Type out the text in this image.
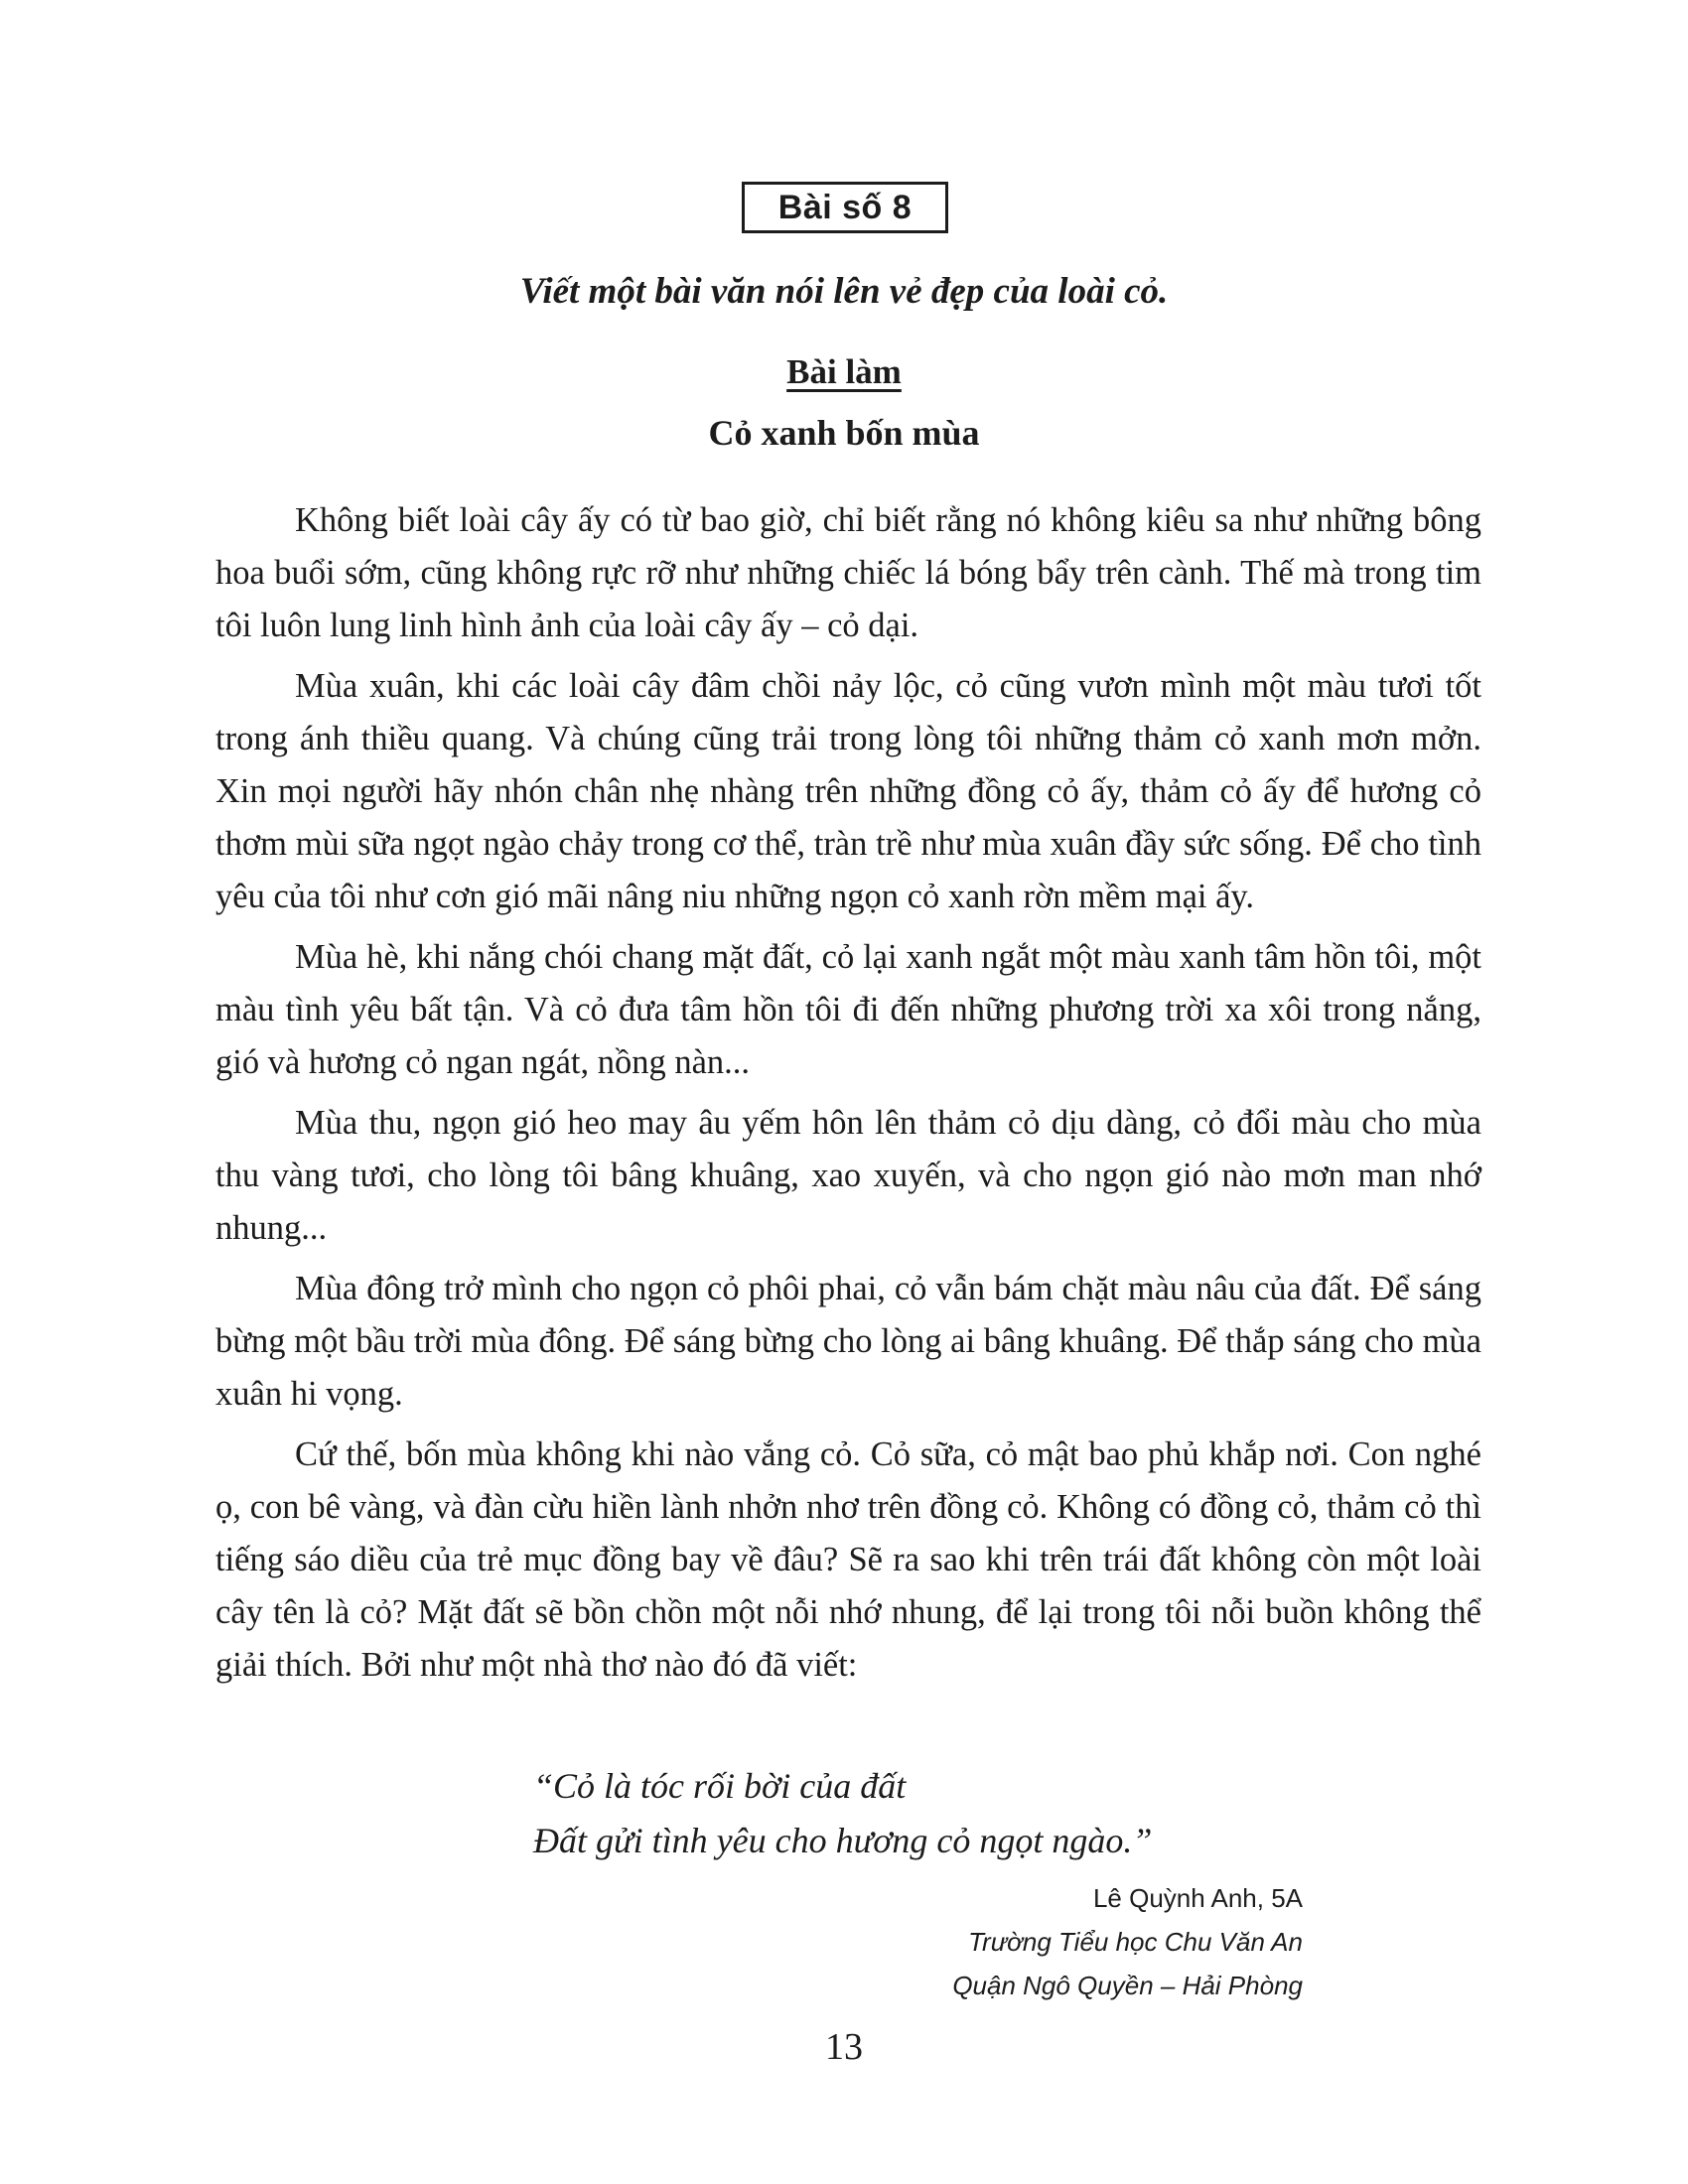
Bài số 8
Viết một bài văn nói lên vẻ đẹp của loài cỏ.
Bài làm
Cỏ xanh bốn mùa

Không biết loài cây ấy có từ bao giờ, chỉ biết rằng nó không kiêu sa như những bông hoa buổi sớm, cũng không rực rỡ như những chiếc lá bóng bẩy trên cành. Thế mà trong tim tôi luôn lung linh hình ảnh của loài cây ấy – cỏ dại.

Mùa xuân, khi các loài cây đâm chồi nảy lộc, cỏ cũng vươn mình một màu tươi tốt trong ánh thiều quang. Và chúng cũng trải trong lòng tôi những thảm cỏ xanh mơn mởn. Xin mọi người hãy nhón chân nhẹ nhàng trên những đồng cỏ ấy, thảm cỏ ấy để hương cỏ thơm mùi sữa ngọt ngào chảy trong cơ thể, tràn trề như mùa xuân đầy sức sống. Để cho tình yêu của tôi như cơn gió mãi nâng niu những ngọn cỏ xanh rờn mềm mại ấy.

Mùa hè, khi nắng chói chang mặt đất, cỏ lại xanh ngắt một màu xanh tâm hồn tôi, một màu tình yêu bất tận. Và cỏ đưa tâm hồn tôi đi đến những phương trời xa xôi trong nắng, gió và hương cỏ ngan ngát, nồng nàn...

Mùa thu, ngọn gió heo may âu yếm hôn lên thảm cỏ dịu dàng, cỏ đổi màu cho mùa thu vàng tươi, cho lòng tôi bâng khuâng, xao xuyến, và cho ngọn gió nào mơn man nhớ nhung...

Mùa đông trở mình cho ngọn cỏ phôi phai, cỏ vẫn bám chặt màu nâu của đất. Để sáng bừng một bầu trời mùa đông. Để sáng bừng cho lòng ai bâng khuâng. Để thắp sáng cho mùa xuân hi vọng.

Cứ thế, bốn mùa không khi nào vắng cỏ. Cỏ sữa, cỏ mật bao phủ khắp nơi. Con nghé ọ, con bê vàng, và đàn cừu hiền lành nhởn nhơ trên đồng cỏ. Không có đồng cỏ, thảm cỏ thì tiếng sáo diều của trẻ mục đồng bay về đâu? Sẽ ra sao khi trên trái đất không còn một loài cây tên là cỏ? Mặt đất sẽ bồn chồn một nỗi nhớ nhung, để lại trong tôi nỗi buồn không thể giải thích. Bởi như một nhà thơ nào đó đã viết:

“Cỏ là tóc rối bời của đất
Đất gửi tình yêu cho hương cỏ ngọt ngào.”
Lê Quỳnh Anh, 5A
Trường Tiểu học Chu Văn An
Quận Ngô Quyền – Hải Phòng
13
